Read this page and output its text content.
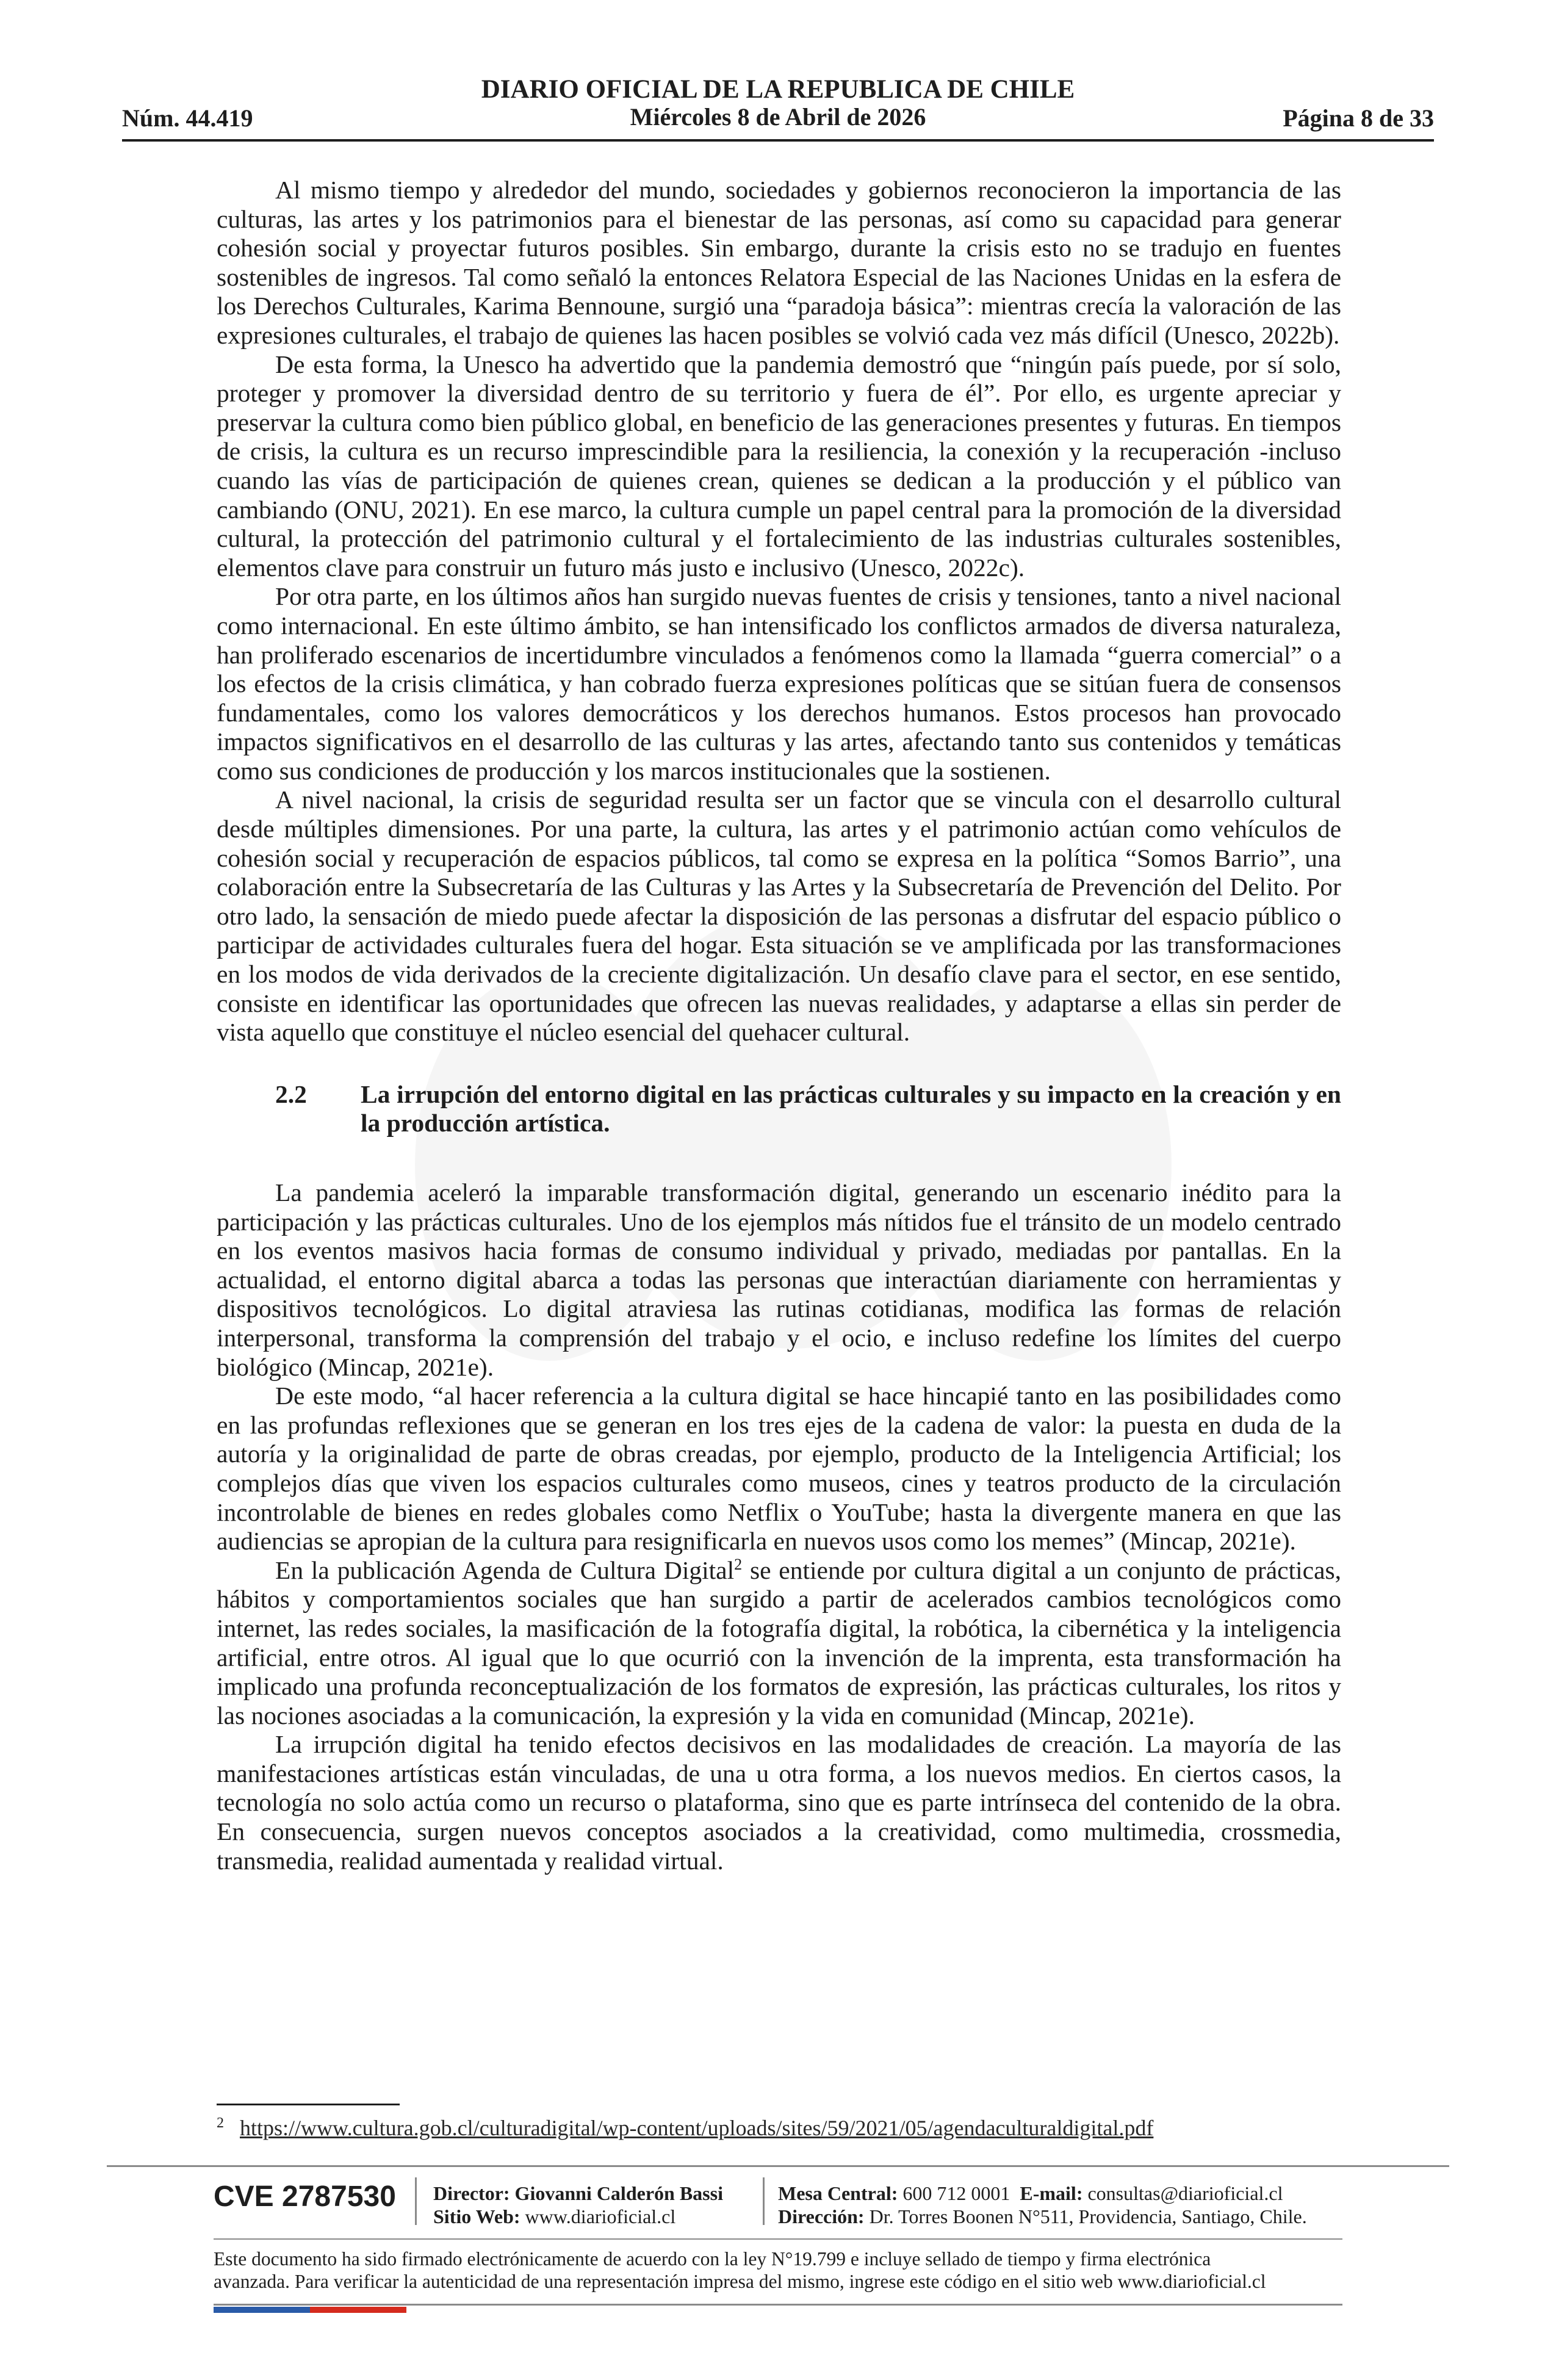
DIARIO OFICIAL DE LA REPUBLICA DE CHILE
Miércoles 8 de Abril de 2026
Núm. 44.419	Página 8 de 33

Al mismo tiempo y alrededor del mundo, sociedades y gobiernos reconocieron la importancia de las culturas, las artes y los patrimonios para el bienestar de las personas, así como su capacidad para generar cohesión social y proyectar futuros posibles. Sin embargo, durante la crisis esto no se tradujo en fuentes sostenibles de ingresos. Tal como señaló la entonces Relatora Especial de las Naciones Unidas en la esfera de los Derechos Culturales, Karima Bennoune, surgió una “paradoja básica”: mientras crecía la valoración de las expresiones culturales, el trabajo de quienes las hacen posibles se volvió cada vez más difícil (Unesco, 2022b).

De esta forma, la Unesco ha advertido que la pandemia demostró que “ningún país puede, por sí solo, proteger y promover la diversidad dentro de su territorio y fuera de él”. Por ello, es urgente apreciar y preservar la cultura como bien público global, en beneficio de las generaciones presentes y futuras. En tiempos de crisis, la cultura es un recurso imprescindible para la resiliencia, la conexión y la recuperación -incluso cuando las vías de participación de quienes crean, quienes se dedican a la producción y el público van cambiando (ONU, 2021). En ese marco, la cultura cumple un papel central para la promoción de la diversidad cultural, la protección del patrimonio cultural y el fortalecimiento de las industrias culturales sostenibles, elementos clave para construir un futuro más justo e inclusivo (Unesco, 2022c).

Por otra parte, en los últimos años han surgido nuevas fuentes de crisis y tensiones, tanto a nivel nacional como internacional. En este último ámbito, se han intensificado los conflictos armados de diversa naturaleza, han proliferado escenarios de incertidumbre vinculados a fenómenos como la llamada “guerra comercial” o a los efectos de la crisis climática, y han cobrado fuerza expresiones políticas que se sitúan fuera de consensos fundamentales, como los valores democráticos y los derechos humanos. Estos procesos han provocado impactos significativos en el desarrollo de las culturas y las artes, afectando tanto sus contenidos y temáticas como sus condiciones de producción y los marcos institucionales que la sostienen.

A nivel nacional, la crisis de seguridad resulta ser un factor que se vincula con el desarrollo cultural desde múltiples dimensiones. Por una parte, la cultura, las artes y el patrimonio actúan como vehículos de cohesión social y recuperación de espacios públicos, tal como se expresa en la política “Somos Barrio”, una colaboración entre la Subsecretaría de las Culturas y las Artes y la Subsecretaría de Prevención del Delito. Por otro lado, la sensación de miedo puede afectar la disposición de las personas a disfrutar del espacio público o participar de actividades culturales fuera del hogar. Esta situación se ve amplificada por las transformaciones en los modos de vida derivados de la creciente digitalización. Un desafío clave para el sector, en ese sentido, consiste en identificar las oportunidades que ofrecen las nuevas realidades, y adaptarse a ellas sin perder de vista aquello que constituye el núcleo esencial del quehacer cultural.

2.2	La irrupción del entorno digital en las prácticas culturales y su impacto en la creación y en la producción artística.

La pandemia aceleró la imparable transformación digital, generando un escenario inédito para la participación y las prácticas culturales. Uno de los ejemplos más nítidos fue el tránsito de un modelo centrado en los eventos masivos hacia formas de consumo individual y privado, mediadas por pantallas. En la actualidad, el entorno digital abarca a todas las personas que interactúan diariamente con herramientas y dispositivos tecnológicos. Lo digital atraviesa las rutinas cotidianas, modifica las formas de relación interpersonal, transforma la comprensión del trabajo y el ocio, e incluso redefine los límites del cuerpo biológico (Mincap, 2021e).

De este modo, “al hacer referencia a la cultura digital se hace hincapié tanto en las posibilidades como en las profundas reflexiones que se generan en los tres ejes de la cadena de valor: la puesta en duda de la autoría y la originalidad de parte de obras creadas, por ejemplo, producto de la Inteligencia Artificial; los complejos días que viven los espacios culturales como museos, cines y teatros producto de la circulación incontrolable de bienes en redes globales como Netflix o YouTube; hasta la divergente manera en que las audiencias se apropian de la cultura para resignificarla en nuevos usos como los memes” (Mincap, 2021e).

En la publicación Agenda de Cultura Digital$^2$ se entiende por cultura digital a un conjunto de prácticas, hábitos y comportamientos sociales que han surgido a partir de acelerados cambios tecnológicos como internet, las redes sociales, la masificación de la fotografía digital, la robótica, la cibernética y la inteligencia artificial, entre otros. Al igual que lo que ocurrió con la invención de la imprenta, esta transformación ha implicado una profunda reconceptualización de los formatos de expresión, las prácticas culturales, los ritos y las nociones asociadas a la comunicación, la expresión y la vida en comunidad (Mincap, 2021e).

La irrupción digital ha tenido efectos decisivos en las modalidades de creación. La mayoría de las manifestaciones artísticas están vinculadas, de una u otra forma, a los nuevos medios. En ciertos casos, la tecnología no solo actúa como un recurso o plataforma, sino que es parte intrínseca del contenido de la obra. En consecuencia, surgen nuevos conceptos asociados a la creatividad, como multimedia, crossmedia, transmedia, realidad aumentada y realidad virtual.

$^2$ https://www.cultura.gob.cl/culturadigital/wp-content/uploads/sites/59/2021/05/agendaculturaldigital.pdf
CVE 2787530 Director: Giovanni Calderón Bassi
Sitio Web: www.diarioficial.cl
Mesa Central: 600 712 0001 E-mail: consultas@diarioficial.cl
Dirección: Dr. Torres Boonen N°511, Providencia, Santiago, Chile.
Este documento ha sido firmado electrónicamente de acuerdo con la ley N°19.799 e incluye sellado de tiempo y firma electrónica
avanzada. Para verificar la autenticidad de una representación impresa del mismo, ingrese este código en el sitio web www.diarioficial.cl
